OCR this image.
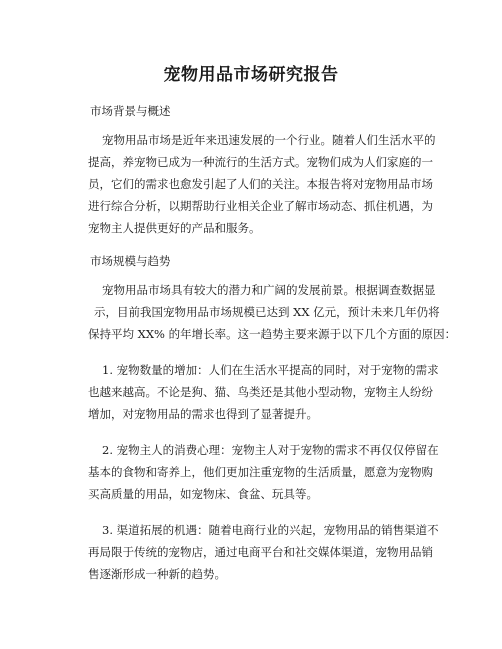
宠物用品市场研究报告
市场背景与概述

宠物用品市场是近年来迅速发展的一个行业。随着人们生活水平的
提高，养宠物已成为一种流行的生活方式。宠物们成为人们家庭的一
员，它们的需求也愈发引起了人们的关注。本报告将对宠物用品市场
进行综合分析，以期帮助行业相关企业了解市场动态、抓住机遇，为
宠物主人提供更好的产品和服务。

市场规模与趋势

宠物用品市场具有较大的潜力和广阔的发展前景。根据调查数据显
示，目前我国宠物用品市场规模已达到 XX 亿元，预计未来几年仍将
保持平均 XX% 的年增长率。这一趋势主要来源于以下几个方面的原因：

1. 宠物数量的增加：人们在生活水平提高的同时，对于宠物的需求
也越来越高。不论是狗、猫、鸟类还是其他小型动物，宠物主人纷纷
增加，对宠物用品的需求也得到了显著提升。

2. 宠物主人的消费心理：宠物主人对于宠物的需求不再仅仅停留在
基本的食物和寄养上，他们更加注重宠物的生活质量，愿意为宠物购
买高质量的用品，如宠物床、食盆、玩具等。

3. 渠道拓展的机遇：随着电商行业的兴起，宠物用品的销售渠道不
再局限于传统的宠物店，通过电商平台和社交媒体渠道，宠物用品销
售逐渐形成一种新的趋势。
